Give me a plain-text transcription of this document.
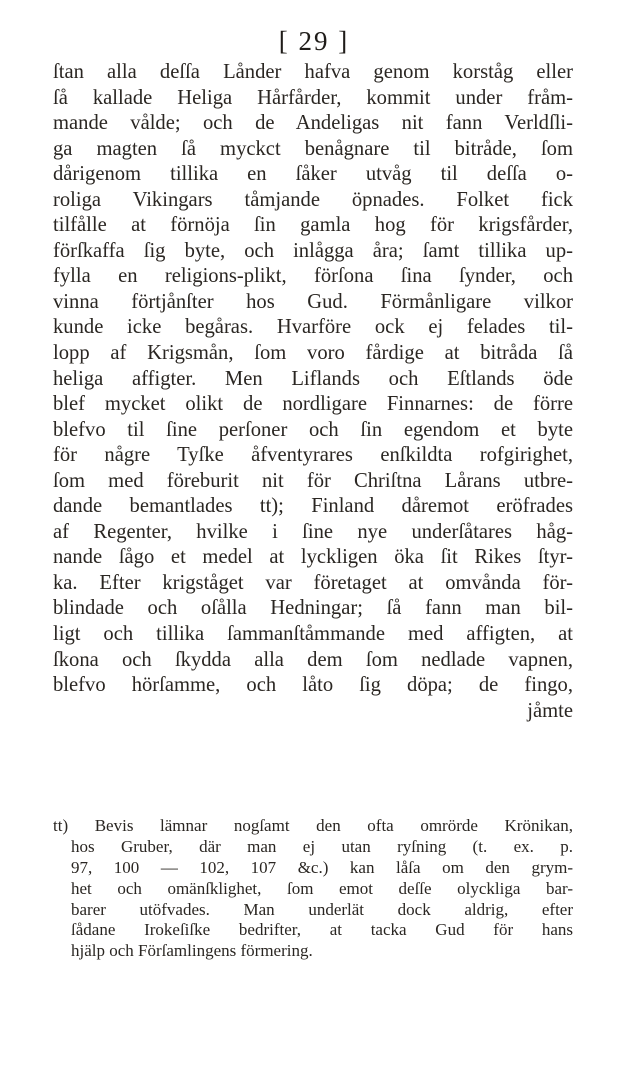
[ 29 ]
ſtan alla deſſa Lånder hafva genom korståg eller
ſå kallade Heliga Hårfårder, kommit under fråm-
mande vålde; och de Andeligas nit fann Verldſli-
ga magten ſå myckct benågnare til bitråde, ſom
dårigenom tillika en ſåker utvåg til deſſa o-
roliga Vikingars tåmjande öpnades. Folket fick
tilfålle at förnöja ſin gamla hog för krigsfårder,
förſkaffa ſig byte, och inlågga åra; ſamt tillika up-
fylla en religions-plikt, förſona ſina ſynder, och
vinna förtjånſter hos Gud. Förmånligare vilkor
kunde icke begåras. Hvarföre ock ej felades til-
lopp af Krigsmån, ſom voro fårdige at bitråda ſå
heliga affigter. Men Liflands och Eſtlands öde
blef mycket olikt de nordligare Finnarnes: de förre
blefvo til ſine perſoner och ſin egendom et byte
för någre Tyſke åfventyrares enſkildta rofgirighet,
ſom med föreburit nit för Chriſtna Lårans utbre-
dande bemantlades tt); Finland dåremot eröfrades
af Regenter, hvilke i ſine nye underſåtares håg-
nande ſågo et medel at lyckligen öka ſit Rikes ſtyr-
ka. Efter krigståget var företaget at omvånda för-
blindade och oſålla Hedningar; ſå fann man bil-
ligt och tillika ſammanſtåmmande med affigten, at
ſkona och ſkydda alla dem ſom nedlade vapnen,
blefvo hörſamme, och låto ſig döpa; de fingo,
jåmte
tt) Bevis lämnar nogſamt den ofta omrörde Krönikan,
hos Gruber, där man ej utan ryſning (t. ex. p.
97, 100 — 102, 107 &c.) kan låſa om den grym-
het och omänſklighet, ſom emot deſſe olyckliga bar-
barer utöfvades. Man underlät dock aldrig, efter
ſådane Irokeſiſke bedrifter, at tacka Gud för hans
hjälp och Förſamlingens förmering.
